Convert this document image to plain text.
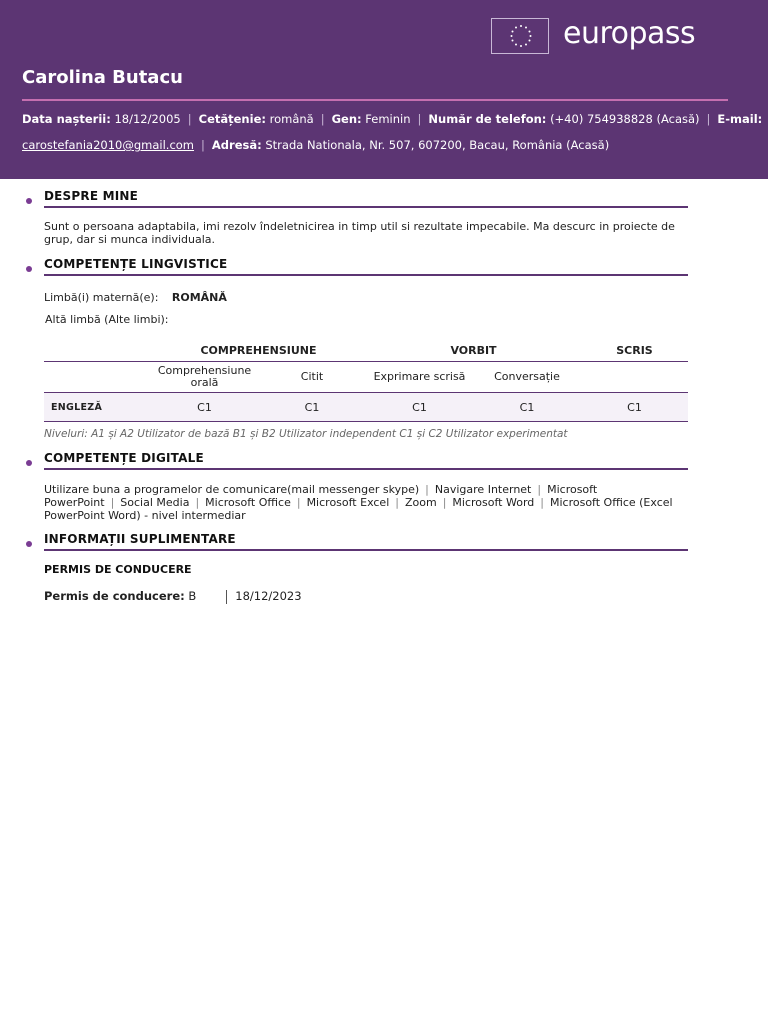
europass
Carolina Butacu
Data nașterii: 18/12/2005 | Cetățenie: română | Gen: Feminin | Număr de telefon: (+40) 754938828 (Acasă) | E-mail:
carostefania2010@gmail.com | Adresă: Strada Nationala, Nr. 507, 607200, Bacau, România (Acasă)
DESPRE MINE
Sunt o persoana adaptabila, imi rezolv îndeletnicirea in timp util si rezultate impecabile. Ma descurc in proiecte de grup, dar si munca individuala.
COMPETENȚE LINGVISTICE
Limbă(i) maternă(e): ROMÂNĂ
Altă limbă (Alte limbi):
	COMPREHENSIUNE		VORBIT		SCRIS
	Comprehensiune orală	Citit	Exprimare scrisă	Conversație	
ENGLEZĂ	C1	C1	C1	C1	C1
Niveluri: A1 și A2 Utilizator de bază B1 și B2 Utilizator independent C1 și C2 Utilizator experimentat
COMPETENȚE DIGITALE
Utilizare buna a programelor de comunicare(mail messenger skype) | Navigare Internet | Microsoft PowerPoint | Social Media | Microsoft Office | Microsoft Excel | Zoom | Microsoft Word | Microsoft Office (Excel PowerPoint Word) - nivel intermediar
INFORMAȚII SUPLIMENTARE
PERMIS DE CONDUCERE
Permis de conducere: B	18/12/2023
